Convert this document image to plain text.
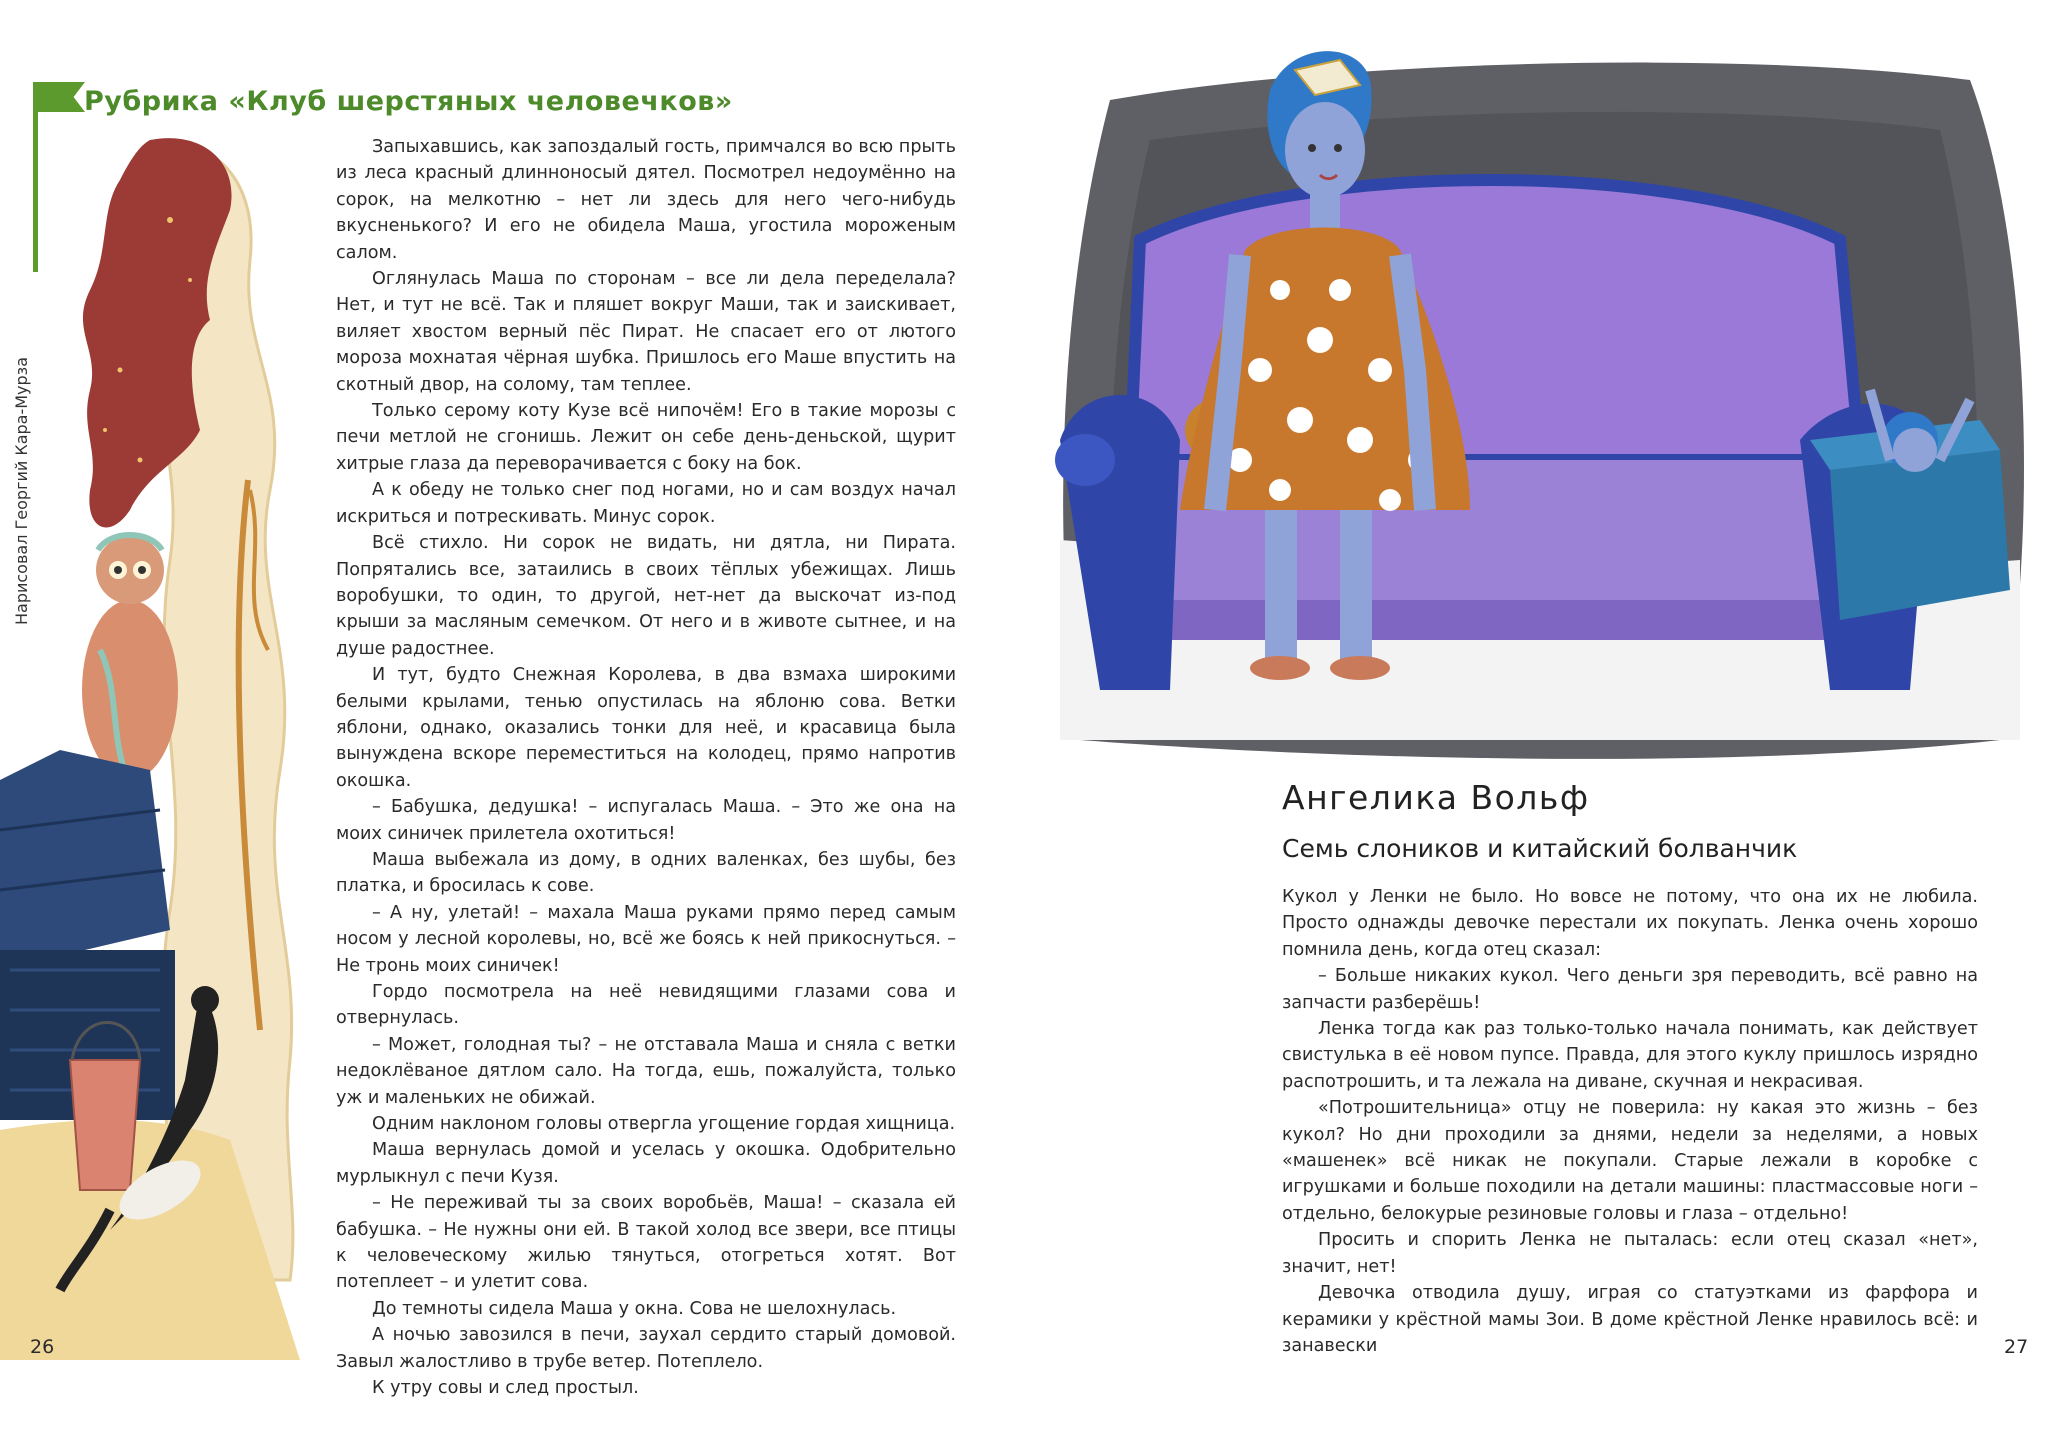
Рубрика «Клуб шерстяных человечков»
Нарисовал Георгий Кара-Мурза

Запыхавшись, как запоздалый гость, примчался во всю прыть из леса красный длинноносый дятел. Посмотрел недоумённо на сорок, на мелкотню – нет ли здесь для него чего-нибудь вкусненького? И его не обидела Маша, угостила мороженым салом.

Оглянулась Маша по сторонам – все ли дела переделала? Нет, и тут не всё. Так и пляшет вокруг Маши, так и заискивает, виляет хвостом верный пёс Пират. Не спасает его от лютого мороза мохнатая чёрная шубка. Пришлось его Маше впустить на скотный двор, на солому, там теплее.

Только серому коту Кузе всё нипочём! Его в такие морозы с печи метлой не сгонишь. Лежит он себе день-деньской, щурит хитрые глаза да переворачивается с боку на бок.

А к обеду не только снег под ногами, но и сам воздух начал искриться и потрескивать. Минус сорок.

Всё стихло. Ни сорок не видать, ни дятла, ни Пирата. Попрятались все, затаились в своих тёплых убежищах. Лишь воробушки, то один, то другой, нет-нет да выскочат из-под крыши за масляным семечком. От него и в животе сытнее, и на душе радостнее.

И тут, будто Снежная Королева, в два взмаха широкими белыми крылами, тенью опустилась на яблоню сова. Ветки яблони, однако, оказались тонки для неё, и красавица была вынуждена вскоре переместиться на колодец, прямо напротив окошка.

– Бабушка, дедушка! – испугалась Маша. – Это же она на моих синичек прилетела охотиться!

Маша выбежала из дому, в одних валенках, без шубы, без платка, и бросилась к сове.

– А ну, улетай! – махала Маша руками прямо перед самым носом у лесной королевы, но, всё же боясь к ней прикоснуться. – Не тронь моих синичек!

Гордо посмотрела на неё невидящими глазами сова и отвернулась.

– Может, голодная ты? – не отставала Маша и сняла с ветки недоклёваное дятлом сало. На тогда, ешь, пожалуйста, только уж и маленьких не обижай.

Одним наклоном головы отвергла угощение гордая хищница.

Маша вернулась домой и уселась у окошка. Одобрительно мурлыкнул с печи Кузя.

– Не переживай ты за своих воробьёв, Маша! – сказала ей бабушка. – Не нужны они ей. В такой холод все звери, все птицы к человеческому жилью тянуться, отогреться хотят. Вот потеплеет – и улетит сова.

До темноты сидела Маша у окна. Сова не шелохнулась.

А ночью завозился в печи, заухал сердито старый домовой. Завыл жалостливо в трубе ветер. Потеплело.

К утру совы и след простыл.

26
Ангелика Вольф
Семь слоников и китайский болванчик

Кукол у Ленки не было. Но вовсе не потому, что она их не любила. Просто однажды девочке перестали их покупать. Ленка очень хорошо помнила день, когда отец сказал:

– Больше никаких кукол. Чего деньги зря переводить, всё равно на запчасти разберёшь!

Ленка тогда как раз только-только начала понимать, как действует свистулька в её новом пупсе. Правда, для этого куклу пришлось изрядно распотрошить, и та лежала на диване, скучная и некрасивая.

«Потрошительница» отцу не поверила: ну какая это жизнь – без кукол? Но дни проходили за днями, недели за неделями, а новых «машенек» всё никак не покупали. Старые лежали в коробке с игрушками и больше походили на детали машины: пластмассовые ноги – отдельно, белокурые резиновые головы и глаза – отдельно!

Просить и спорить Ленка не пыталась: если отец сказал «нет», значит, нет!

Девочка отводила душу, играя со статуэтками из фарфора и керамики у крёстной мамы Зои. В доме крёстной Ленке нравилось всё: и занавески	27
